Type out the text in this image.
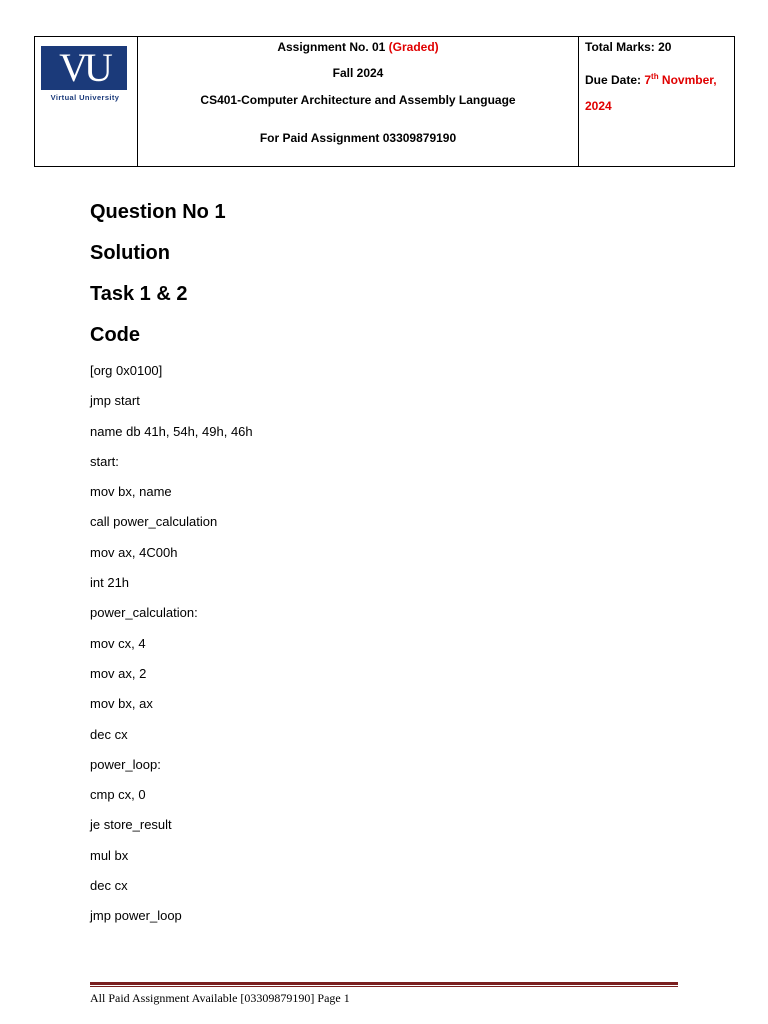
VU
Virtual University

Assignment No. 01 (Graded)
Fall 2024
CS401-Computer Architecture and Assembly Language
For Paid Assignment 03309879190

Total Marks: 20
Due Date: 7th Novmber,
2024

Question No 1

Solution

Task 1 & 2

Code

[org 0x0100]

jmp start

name db 41h, 54h, 49h, 46h

start:

mov bx, name

call power_calculation

mov ax, 4C00h

int 21h

power_calculation:

mov cx, 4

mov ax, 2

mov bx, ax

dec cx

power_loop:

cmp cx, 0

je store_result

mul bx

dec cx

jmp power_loop

All Paid Assignment Available [03309879190] Page 1
